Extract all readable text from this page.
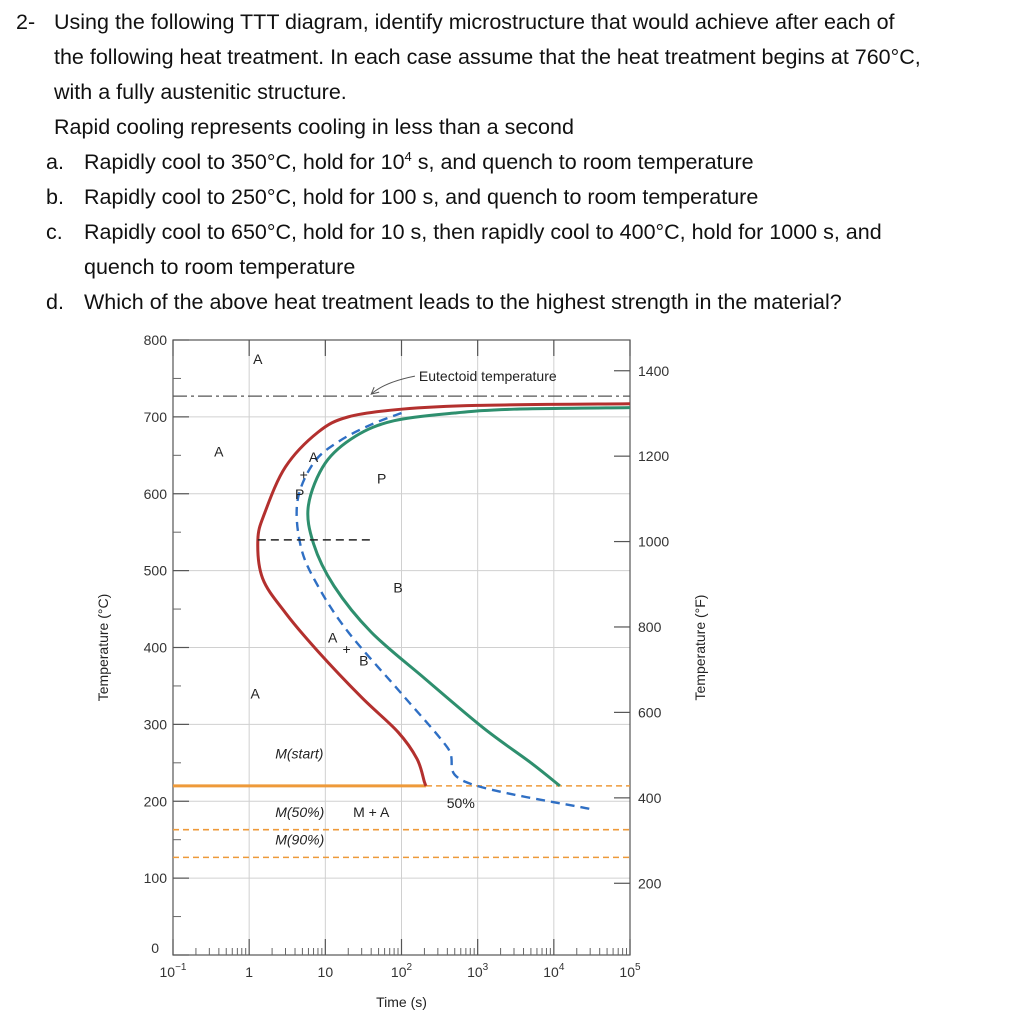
2- Using the following TTT diagram, identify microstructure that would achieve after each of
the following heat treatment. In each case assume that the heat treatment begins at 760°C,
with a fully austenitic structure.
Rapid cooling represents cooling in less than a second
a. Rapidly cool to 350°C, hold for $10^4$ s, and quench to room temperature
b. Rapidly cool to 250°C, hold for 100 s, and quench to room temperature
c. Rapidly cool to 650°C, hold for 10 s, then rapidly cool to 400°C, hold for 1000 s, and
quench to room temperature
d. Which of the above heat treatment leads to the highest strength in the material?
100
200
300
400
500
600
700
800
0
200
400
600
800
1000
1200
1400
$10^{-1}$	1	10	$10^2$	$10^3$	$10^4$	$10^5$
Eutectoid temperature
A
A
A
P
B
50%
M + A
P
A
+
A
+
B
M(start)
M(50%)
M(90%)
Temperature (°C)	Temperature (°F)
Time (s)
